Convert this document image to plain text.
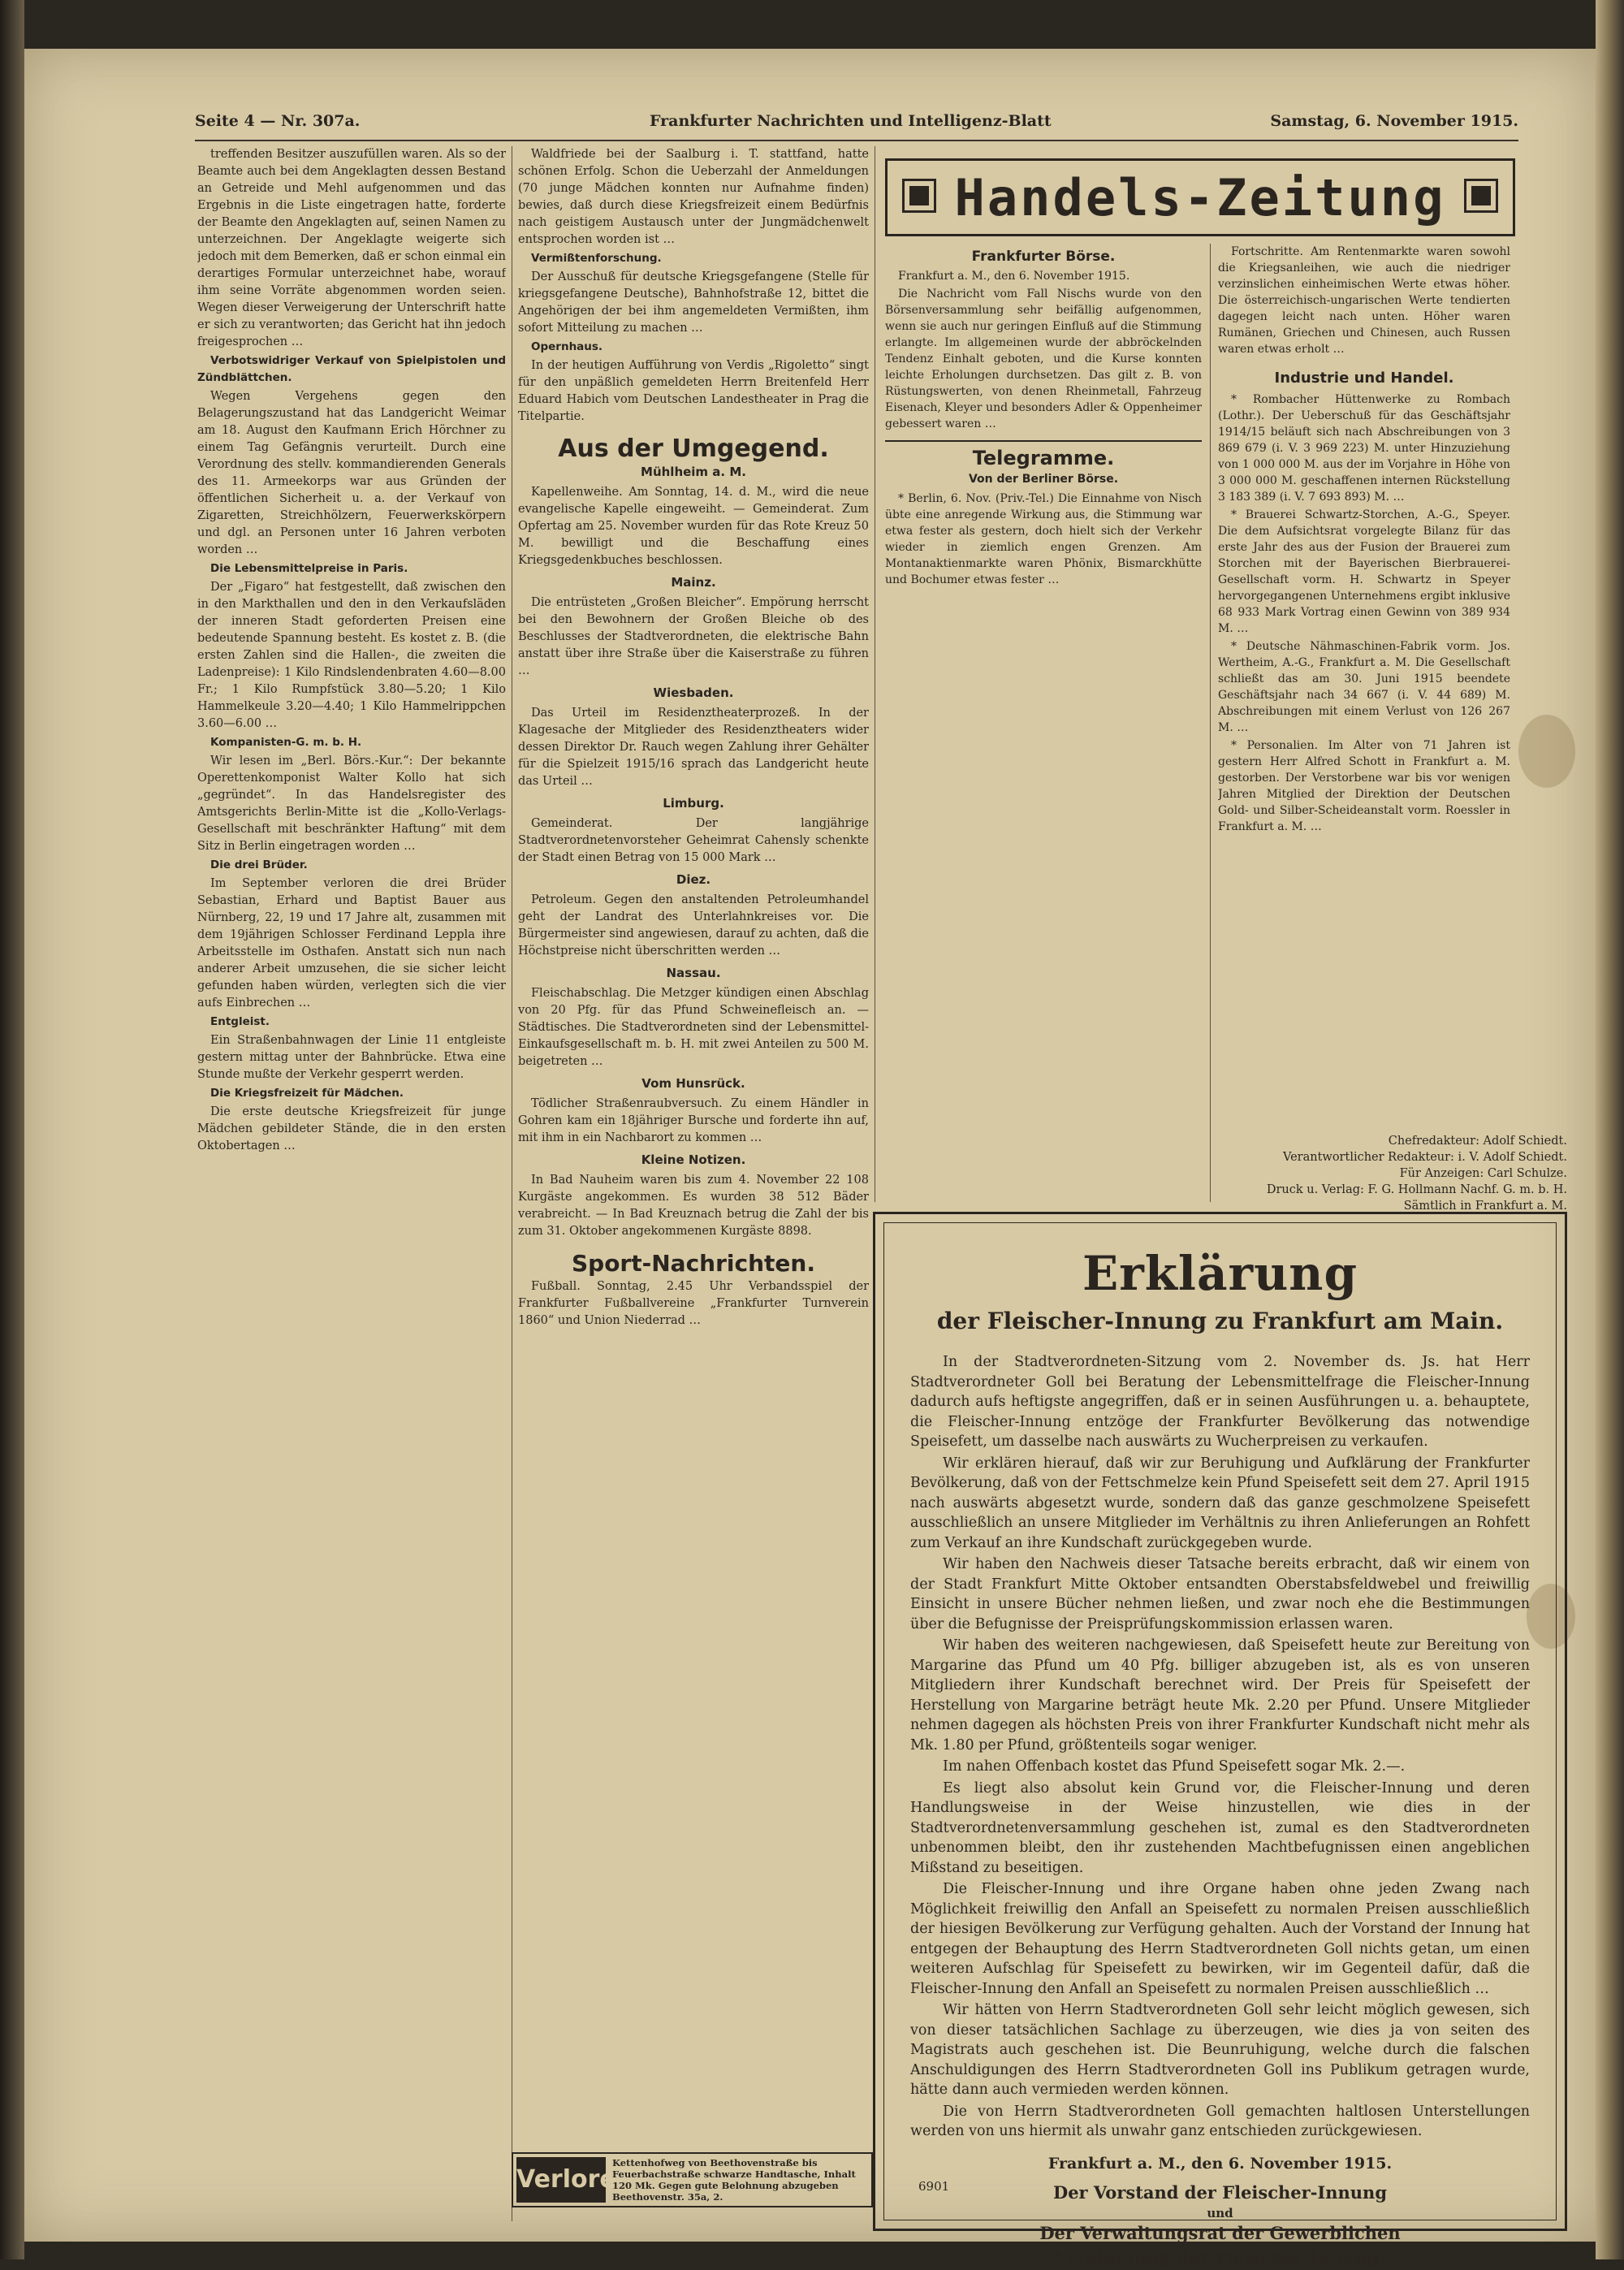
Seite 4 — Nr. 307a.	Frankfurter Nachrichten und Intelligenz-Blatt	Samstag, 6. November 1915.

treffenden Besitzer auszufüllen waren. Als so der Beamte auch bei dem Angeklagten dessen Bestand an Getreide und Mehl aufgenommen und das Ergebnis in die Liste eingetragen hatte, forderte der Beamte den Angeklagten auf, seinen Namen zu unterzeichnen. Der Angeklagte weigerte sich jedoch mit dem Bemerken, daß er schon einmal ein derartiges Formular unterzeichnet habe, worauf ihm seine Vorräte abgenommen worden seien. Wegen dieser Verweigerung der Unterschrift hatte er sich zu verantworten; das Gericht hat ihn jedoch freigesprochen …

Verbotswidriger Verkauf von Spielpistolen und Zündblättchen.

Wegen Vergehens gegen den Belagerungszustand hat das Landgericht Weimar am 18. August den Kaufmann Erich Hörchner zu einem Tag Gefängnis verurteilt. Durch eine Verordnung des stellv. kommandierenden Generals des 11. Armeekorps war aus Gründen der öffentlichen Sicherheit u. a. der Verkauf von Zigaretten, Streichhölzern, Feuerwerkskörpern und dgl. an Personen unter 16 Jahren verboten worden …

Die Lebensmittelpreise in Paris.

Der „Figaro“ hat festgestellt, daß zwischen den in den Markthallen und den in den Verkaufsläden der inneren Stadt geforderten Preisen eine bedeutende Spannung besteht. Es kostet z. B. (die ersten Zahlen sind die Hallen-, die zweiten die Ladenpreise): 1 Kilo Rindslendenbraten 4.60—8.00 Fr.; 1 Kilo Rumpfstück 3.80—5.20; 1 Kilo Hammelkeule 3.20—4.40; 1 Kilo Hammelrippchen 3.60—6.00 …

Kompanisten-G. m. b. H.

Wir lesen im „Berl. Börs.-Kur.“: Der bekannte Operettenkomponist Walter Kollo hat sich „gegründet“. In das Handelsregister des Amtsgerichts Berlin-Mitte ist die „Kollo-Verlags-Gesellschaft mit beschränkter Haftung“ mit dem Sitz in Berlin eingetragen worden …

Die drei Brüder.

Im September verloren die drei Brüder Sebastian, Erhard und Baptist Bauer aus Nürnberg, 22, 19 und 17 Jahre alt, zusammen mit dem 19jährigen Schlosser Ferdinand Leppla ihre Arbeitsstelle im Osthafen. Anstatt sich nun nach anderer Arbeit umzusehen, die sie sicher leicht gefunden haben würden, verlegten sich die vier aufs Einbrechen …

Entgleist.

Ein Straßenbahnwagen der Linie 11 entgleiste gestern mittag unter der Bahnbrücke. Etwa eine Stunde mußte der Verkehr gesperrt werden.

Die Kriegsfreizeit für Mädchen.

Die erste deutsche Kriegsfreizeit für junge Mädchen gebildeter Stände, die in den ersten Oktobertagen …

Waldfriede bei der Saalburg i. T. stattfand, hatte schönen Erfolg. Schon die Ueberzahl der Anmeldungen (70 junge Mädchen konnten nur Aufnahme finden) bewies, daß durch diese Kriegsfreizeit einem Bedürfnis nach geistigem Austausch unter der Jungmädchenwelt entsprochen worden ist …

Vermißtenforschung.

Der Ausschuß für deutsche Kriegsgefangene (Stelle für kriegsgefangene Deutsche), Bahnhofstraße 12, bittet die Angehörigen der bei ihm angemeldeten Vermißten, ihm sofort Mitteilung zu machen …

Opernhaus.

In der heutigen Aufführung von Verdis „Rigoletto“ singt für den unpäßlich gemeldeten Herrn Breitenfeld Herr Eduard Habich vom Deutschen Landestheater in Prag die Titelpartie.

Aus der Umgegend.
Mühlheim a. M.

Kapellenweihe. Am Sonntag, 14. d. M., wird die neue evangelische Kapelle eingeweiht. — Gemeinderat. Zum Opfertag am 25. November wurden für das Rote Kreuz 50 M. bewilligt und die Beschaffung eines Kriegsgedenkbuches beschlossen.

Mainz.

Die entrüsteten „Großen Bleicher“. Empörung herrscht bei den Bewohnern der Großen Bleiche ob des Beschlusses der Stadtverordneten, die elektrische Bahn anstatt über ihre Straße über die Kaiserstraße zu führen …

Wiesbaden.

Das Urteil im Residenztheaterprozeß. In der Klagesache der Mitglieder des Residenztheaters wider dessen Direktor Dr. Rauch wegen Zahlung ihrer Gehälter für die Spielzeit 1915/16 sprach das Landgericht heute das Urteil …

Limburg.

Gemeinderat. Der langjährige Stadtverordnetenvorsteher Geheimrat Cahensly schenkte der Stadt einen Betrag von 15 000 Mark …

Diez.

Petroleum. Gegen den anstaltenden Petroleumhandel geht der Landrat des Unterlahnkreises vor. Die Bürgermeister sind angewiesen, darauf zu achten, daß die Höchstpreise nicht überschritten werden …

Nassau.

Fleischabschlag. Die Metzger kündigen einen Abschlag von 20 Pfg. für das Pfund Schweinefleisch an. — Städtisches. Die Stadtverordneten sind der Lebensmittel-Einkaufsgesellschaft m. b. H. mit zwei Anteilen zu 500 M. beigetreten …

Vom Hunsrück.

Tödlicher Straßenraubversuch. Zu einem Händler in Gohren kam ein 18jähriger Bursche und forderte ihn auf, mit ihm in ein Nachbarort zu kommen …

Kleine Notizen.

In Bad Nauheim waren bis zum 4. November 22 108 Kurgäste angekommen. Es wurden 38 512 Bäder verabreicht. — In Bad Kreuznach betrug die Zahl der bis zum 31. Oktober angekommenen Kurgäste 8898.

Sport-Nachrichten.

Fußball. Sonntag, 2.45 Uhr Verbandsspiel der Frankfurter Fußballvereine „Frankfurter Turnverein 1860“ und Union Niederrad …

Verloren!
Kettenhofweg von Beethovenstraße bis Feuerbachstraße schwarze Handtasche, Inhalt 120 Mk. Gegen gute Belohnung abzugeben Beethovenstr. 35a, 2.
Handels-Zeitung
Frankfurter Börse.

Frankfurt a. M., den 6. November 1915.

Die Nachricht vom Fall Nischs wurde von den Börsenversammlung sehr beifällig aufgenommen, wenn sie auch nur geringen Einfluß auf die Stimmung erlangte. Im allgemeinen wurde der abbröckelnden Tendenz Einhalt geboten, und die Kurse konnten leichte Erholungen durchsetzen. Das gilt z. B. von Rüstungswerten, von denen Rheinmetall, Fahrzeug Eisenach, Kleyer und besonders Adler & Oppenheimer gebessert waren …

Telegramme.
Von der Berliner Börse.

* Berlin, 6. Nov. (Priv.-Tel.) Die Einnahme von Nisch übte eine anregende Wirkung aus, die Stimmung war etwa fester als gestern, doch hielt sich der Verkehr wieder in ziemlich engen Grenzen. Am Montanaktienmarkte waren Phönix, Bismarckhütte und Bochumer etwas fester …

Fortschritte. Am Rentenmarkte waren sowohl die Kriegsanleihen, wie auch die niedriger verzinslichen einheimischen Werte etwas höher. Die österreichisch-ungarischen Werte tendierten dagegen leicht nach unten. Höher waren Rumänen, Griechen und Chinesen, auch Russen waren etwas erholt …

Industrie und Handel.

* Rombacher Hüttenwerke zu Rombach (Lothr.). Der Ueberschuß für das Geschäftsjahr 1914/15 beläuft sich nach Abschreibungen von 3 869 679 (i. V. 3 969 223) M. unter Hinzuziehung von 1 000 000 M. aus der im Vorjahre in Höhe von 3 000 000 M. geschaffenen internen Rückstellung 3 183 389 (i. V. 7 693 893) M. …

* Brauerei Schwartz-Storchen, A.-G., Speyer. Die dem Aufsichtsrat vorgelegte Bilanz für das erste Jahr des aus der Fusion der Brauerei zum Storchen mit der Bayerischen Bierbrauerei-Gesellschaft vorm. H. Schwartz in Speyer hervorgegangenen Unternehmens ergibt inklusive 68 933 Mark Vortrag einen Gewinn von 389 934 M. …

* Deutsche Nähmaschinen-Fabrik vorm. Jos. Wertheim, A.-G., Frankfurt a. M. Die Gesellschaft schließt das am 30. Juni 1915 beendete Geschäftsjahr nach 34 667 (i. V. 44 689) M. Abschreibungen mit einem Verlust von 126 267 M. …

* Personalien. Im Alter von 71 Jahren ist gestern Herr Alfred Schott in Frankfurt a. M. gestorben. Der Verstorbene war bis vor wenigen Jahren Mitglied der Direktion der Deutschen Gold- und Silber-Scheideanstalt vorm. Roessler in Frankfurt a. M. …

Chefredakteur: Adolf Schiedt.
Verantwortlicher Redakteur: i. V. Adolf Schiedt.
Für Anzeigen: Carl Schulze.
Druck u. Verlag: F. G. Hollmann Nachf. G. m. b. H.
Sämtlich in Frankfurt a. M.
Erklärung
der Fleischer-Innung zu Frankfurt am Main.

In der Stadtverordneten-Sitzung vom 2. November ds. Js. hat Herr Stadtverordneter Goll bei Beratung der Lebensmittelfrage die Fleischer-Innung dadurch aufs heftigste angegriffen, daß er in seinen Ausführungen u. a. behauptete, die Fleischer-Innung entzöge der Frankfurter Bevölkerung das notwendige Speisefett, um dasselbe nach auswärts zu Wucherpreisen zu verkaufen.

Wir erklären hierauf, daß wir zur Beruhigung und Aufklärung der Frankfurter Bevölkerung, daß von der Fettschmelze kein Pfund Speisefett seit dem 27. April 1915 nach auswärts abgesetzt wurde, sondern daß das ganze geschmolzene Speisefett ausschließlich an unsere Mitglieder im Verhältnis zu ihren Anlieferungen an Rohfett zum Verkauf an ihre Kundschaft zurückgegeben wurde.

Wir haben den Nachweis dieser Tatsache bereits erbracht, daß wir einem von der Stadt Frankfurt Mitte Oktober entsandten Oberstabsfeldwebel und freiwillig Einsicht in unsere Bücher nehmen ließen, und zwar noch ehe die Bestimmungen über die Befugnisse der Preisprüfungskommission erlassen waren.

Wir haben des weiteren nachgewiesen, daß Speisefett heute zur Bereitung von Margarine das Pfund um 40 Pfg. billiger abzugeben ist, als es von unseren Mitgliedern ihrer Kundschaft berechnet wird. Der Preis für Speisefett der Herstellung von Margarine beträgt heute Mk. 2.20 per Pfund. Unsere Mitglieder nehmen dagegen als höchsten Preis von ihrer Frankfurter Kundschaft nicht mehr als Mk. 1.80 per Pfund, größtenteils sogar weniger.

Im nahen Offenbach kostet das Pfund Speisefett sogar Mk. 2.—.

Es liegt also absolut kein Grund vor, die Fleischer-Innung und deren Handlungsweise in der Weise hinzustellen, wie dies in der Stadtverordnetenversammlung geschehen ist, zumal es den Stadtverordneten unbenommen bleibt, den ihr zustehenden Machtbefugnissen einen angeblichen Mißstand zu beseitigen.

Die Fleischer-Innung und ihre Organe haben ohne jeden Zwang nach Möglichkeit freiwillig den Anfall an Speisefett zu normalen Preisen ausschließlich der hiesigen Bevölkerung zur Verfügung gehalten. Auch der Vorstand der Innung hat entgegen der Behauptung des Herrn Stadtverordneten Goll nichts getan, um einen weiteren Aufschlag für Speisefett zu bewirken, wir im Gegenteil dafür, daß die Fleischer-Innung den Anfall an Speisefett zu normalen Preisen ausschließlich …

Wir hätten von Herrn Stadtverordneten Goll sehr leicht möglich gewesen, sich von dieser tatsächlichen Sachlage zu überzeugen, wie dies ja von seiten des Magistrats auch geschehen ist. Die Beunruhigung, welche durch die falschen Anschuldigungen des Herrn Stadtverordneten Goll ins Publikum getragen wurde, hätte dann auch vermieden werden können.

Die von Herrn Stadtverordneten Goll gemachten haltlosen Unterstellungen werden von uns hiermit als unwahr ganz entschieden zurückgewiesen.

Frankfurt a. M., den 6. November 1915.
Der Vorstand der Fleischer-Innung
und
Der Verwaltungsrat der Gewerblichen
Vereinigung der Fleischer-Innung.
6901
